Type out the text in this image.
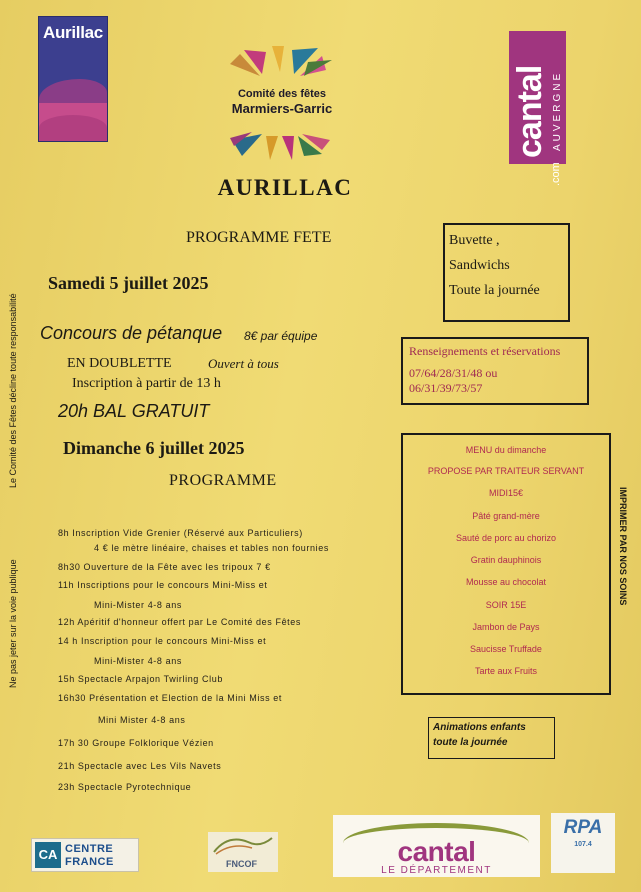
Aurillac
cantal AUVERGNE
.com
Comité des fêtes
Marmiers-Garric
AURILLAC
PROGRAMME FETE
Samedi 5 juillet 2025
Concours de pétanque 8€ par équipe
EN DOUBLETTE	Ouvert à tous
Inscription à partir de 13 h
20h BAL GRATUIT
Dimanche 6 juillet 2025
PROGRAMME
8h Inscription Vide Grenier (Réservé aux Particuliers)
4 € le mètre linéaire, chaises et tables non fournies
8h30 Ouverture de la Fête avec les tripoux 7 €
11h Inscriptions pour le concours Mini-Miss et
Mini-Mister 4-8 ans
12h Apéritif d'honneur offert par Le Comité des Fêtes
14 h Inscription pour le concours Mini-Miss et
Mini-Mister 4-8 ans
15h Spectacle Arpajon Twirling Club
16h30 Présentation et Election de la Mini Miss et
Mini Mister 4-8 ans
17h 30 Groupe Folklorique Vézien
21h Spectacle avec Les Vils Navets
23h Spectacle Pyrotechnique
Buvette ,
Sandwichs
Toute la journée
Renseignements et réservations
07/64/28/31/48 ou
06/31/39/73/57
MENU du dimanche
PROPOSE PAR TRAITEUR SERVANT
MIDI15€
Pâté grand-mère
Sauté de porc au chorizo
Gratin dauphinois
Mousse au chocolat
SOIR 15E
Jambon de Pays
Saucisse Truffade
Tarte aux Fruits
Animations enfants
toute la journée
Le Comité des Fêtes décline toute responsabilité
Ne pas jeter sur la voie publique
IMPRIMER PAR NOS SOINS
CA CENTRE
FRANCE	FNCOF	cantal
LE DÉPARTEMENT
RPA
107.4
